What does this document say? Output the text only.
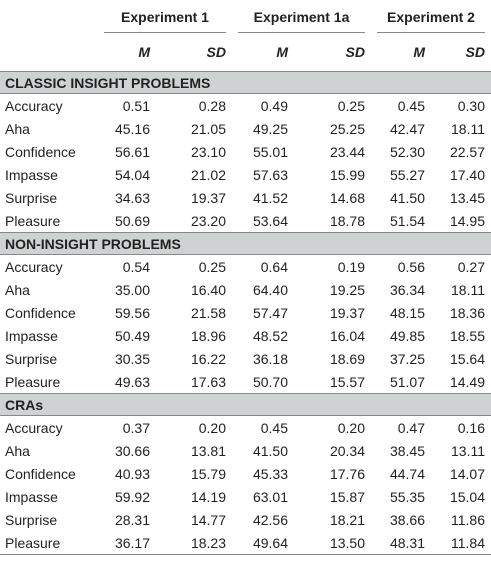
	Experiment 1		Experiment 1a		Experiment 2	

	M	SD	M	SD	M	SD
CLASSIC INSIGHT PROBLEMS						
Accuracy	0.51	0.28	0.49	0.25	0.45	0.30
Aha	45.16	21.05	49.25	25.25	42.47	18.11
Confidence	56.61	23.10	55.01	23.44	52.30	22.57
Impasse	54.04	21.02	57.63	15.99	55.27	17.40
Surprise	34.63	19.37	41.52	14.68	41.50	13.45
Pleasure	50.69	23.20	53.64	18.78	51.54	14.95
NON-INSIGHT PROBLEMS						
Accuracy	0.54	0.25	0.64	0.19	0.56	0.27
Aha	35.00	16.40	64.40	19.25	36.34	18.11
Confidence	59.56	21.58	57.47	19.37	48.15	18.36
Impasse	50.49	18.96	48.52	16.04	49.85	18.55
Surprise	30.35	16.22	36.18	18.69	37.25	15.64
Pleasure	49.63	17.63	50.70	15.57	51.07	14.49
CRAs						
Accuracy	0.37	0.20	0.45	0.20	0.47	0.16
Aha	30.66	13.81	41.50	20.34	38.45	13.11
Confidence	40.93	15.79	45.33	17.76	44.74	14.07
Impasse	59.92	14.19	63.01	15.87	55.35	15.04
Surprise	28.31	14.77	42.56	18.21	38.66	11.86
Pleasure	36.17	18.23	49.64	13.50	48.31	11.84
